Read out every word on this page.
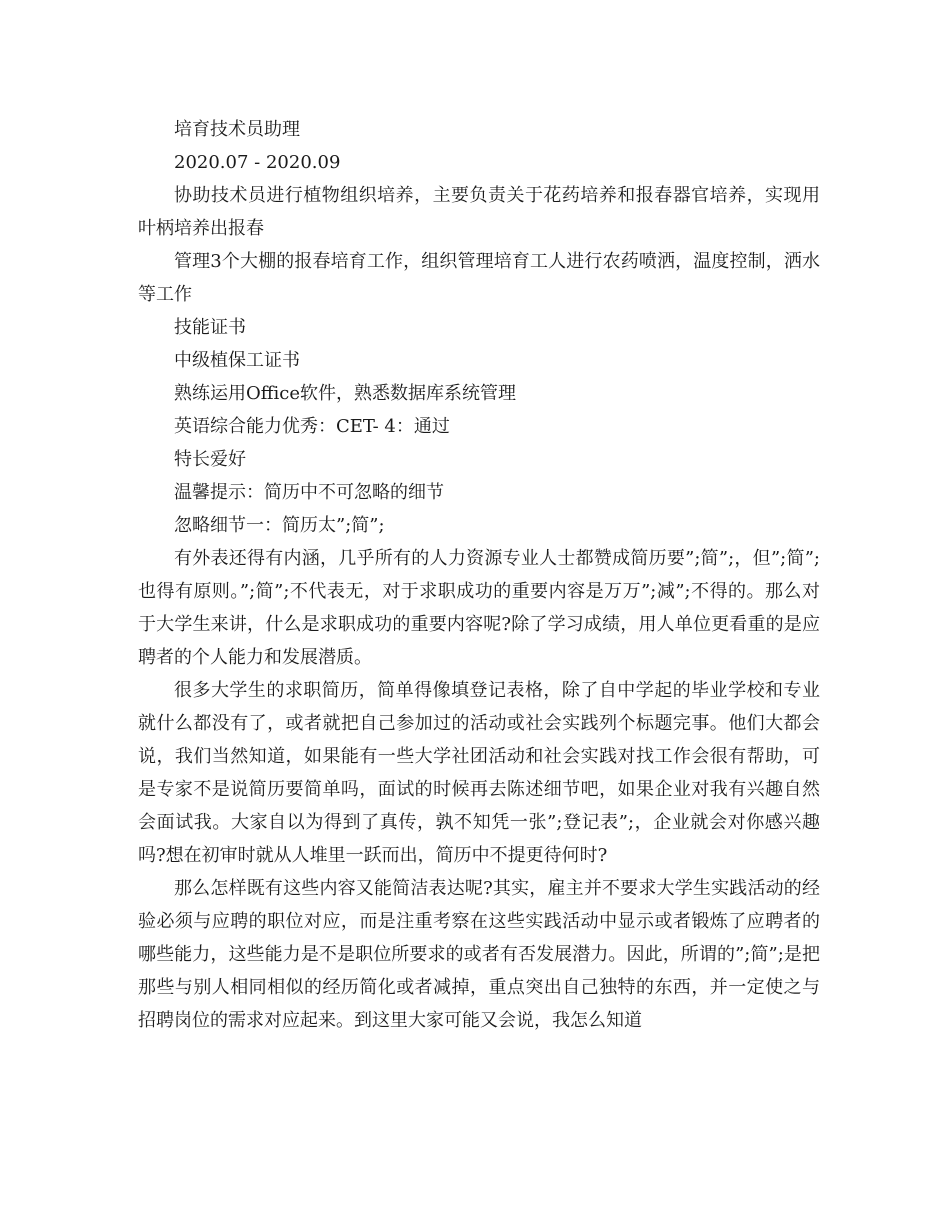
培育技术员助理

2020.07 - 2020.09

协助技术员进行植物组织培养，主要负责关于花药培养和报春器官培养，实现用叶柄培养出报春

管理3个大棚的报春培育工作，组织管理培育工人进行农药喷洒，温度控制，洒水等工作

技能证书

中级植保工证书

熟练运用Office软件，熟悉数据库系统管理

英语综合能力优秀：CET- 4：通过

特长爱好

温馨提示：简历中不可忽略的细节

忽略细节一：简历太”;简”;

有外表还得有内涵，几乎所有的人力资源专业人士都赞成简历要”;简”;，但”;简”;也得有原则。”;简”;不代表无，对于求职成功的重要内容是万万”;减”;不得的。那么对于大学生来讲，什么是求职成功的重要内容呢?除了学习成绩，用人单位更看重的是应聘者的个人能力和发展潜质。

很多大学生的求职简历，简单得像填登记表格，除了自中学起的毕业学校和专业就什么都没有了，或者就把自己参加过的活动或社会实践列个标题完事。他们大都会说，我们当然知道，如果能有一些大学社团活动和社会实践对找工作会很有帮助，可是专家不是说简历要简单吗，面试的时候再去陈述细节吧，如果企业对我有兴趣自然会面试我。大家自以为得到了真传，孰不知凭一张”;登记表”;，企业就会对你感兴趣吗?想在初审时就从人堆里一跃而出，简历中不提更待何时?

那么怎样既有这些内容又能简洁表达呢?其实，雇主并不要求大学生实践活动的经验必须与应聘的职位对应，而是注重考察在这些实践活动中显示或者锻炼了应聘者的哪些能力，这些能力是不是职位所要求的或者有否发展潜力。因此，所谓的”;简”;是把那些与别人相同相似的经历简化或者减掉，重点突出自己独特的东西，并一定使之与招聘岗位的需求对应起来。到这里大家可能又会说，我怎么知道
